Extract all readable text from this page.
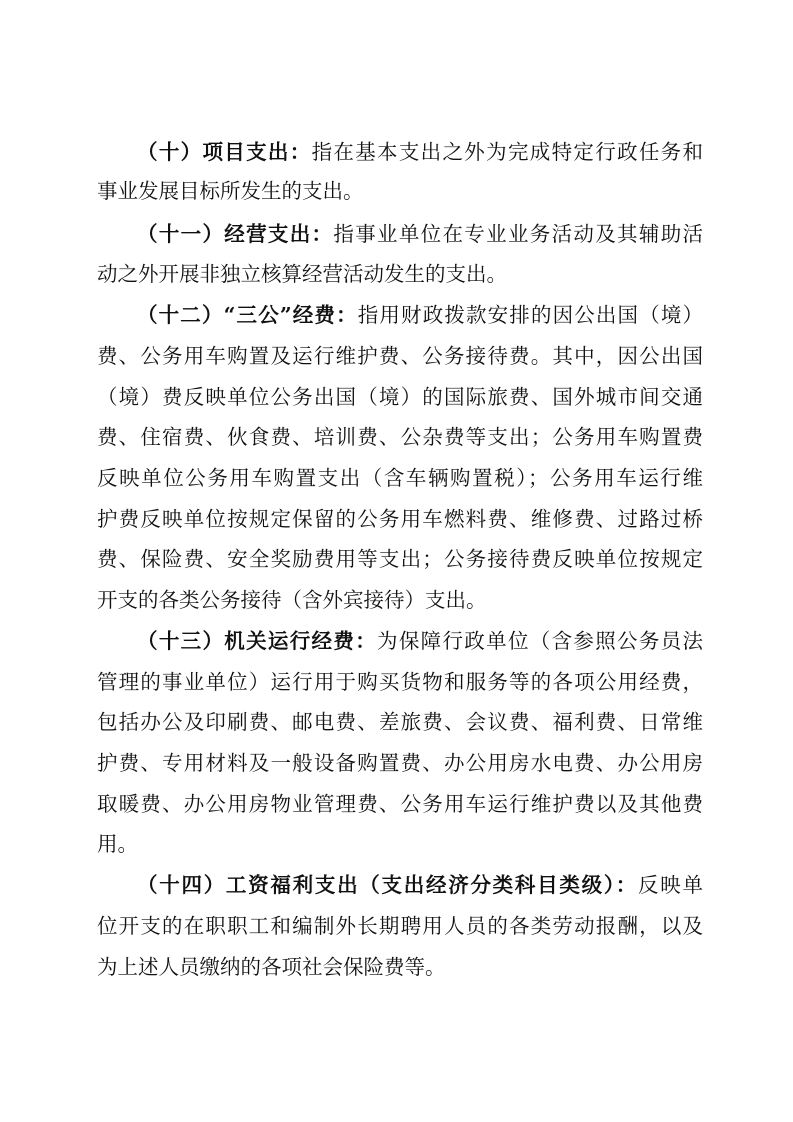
（十）项目支出：指在基本支出之外为完成特定行政任务和
事业发展目标所发生的支出。
（十一）经营支出：指事业单位在专业业务活动及其辅助活
动之外开展非独立核算经营活动发生的支出。
（十二）“三公”经费：指用财政拨款安排的因公出国（境）
费、公务用车购置及运行维护费、公务接待费。其中，因公出国
（境）费反映单位公务出国（境）的国际旅费、国外城市间交通
费、住宿费、伙食费、培训费、公杂费等支出；公务用车购置费
反映单位公务用车购置支出（含车辆购置税）；公务用车运行维
护费反映单位按规定保留的公务用车燃料费、维修费、过路过桥
费、保险费、安全奖励费用等支出；公务接待费反映单位按规定
开支的各类公务接待（含外宾接待）支出。
（十三）机关运行经费：为保障行政单位（含参照公务员法
管理的事业单位）运行用于购买货物和服务等的各项公用经费，
包括办公及印刷费、邮电费、差旅费、会议费、福利费、日常维
护费、专用材料及一般设备购置费、办公用房水电费、办公用房
取暖费、办公用房物业管理费、公务用车运行维护费以及其他费
用。
（十四）工资福利支出（支出经济分类科目类级）：反映单
位开支的在职职工和编制外长期聘用人员的各类劳动报酬，以及
为上述人员缴纳的各项社会保险费等。
